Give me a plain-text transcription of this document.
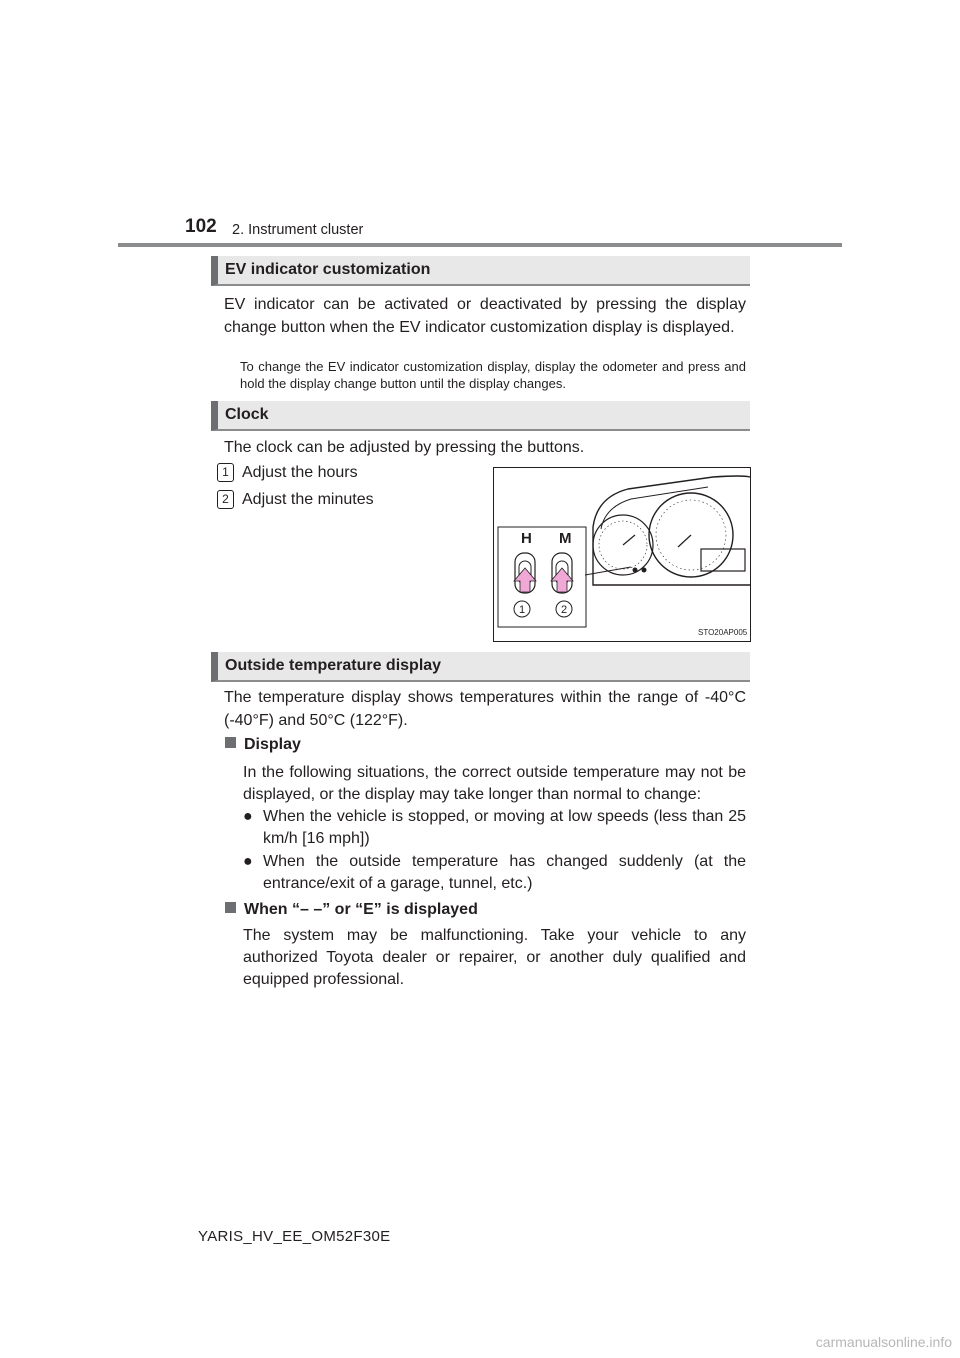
102 2. Instrument cluster
EV indicator customization
EV indicator can be activated or deactivated by pressing the display change button when the EV indicator customization display is displayed.
To change the EV indicator customization display, display the odometer and press and hold the display change button until the display changes.
Clock
The clock can be adjusted by pressing the buttons.
1 Adjust the hours
2 Adjust the minutes
H M
1	2
STO20AP005
Outside temperature display
The temperature display shows temperatures within the range of -40°C (-40°F) and 50°C (122°F).
Display
In the following situations, the correct outside temperature may not be displayed, or the display may take longer than normal to change:
● When the vehicle is stopped, or moving at low speeds (less than 25 km/h [16 mph])
● When the outside temperature has changed suddenly (at the entrance/exit of a garage, tunnel, etc.)
When “– –” or “E” is displayed
The system may be malfunctioning. Take your vehicle to any authorized Toyota dealer or repairer, or another duly qualified and equipped professional.
YARIS_HV_EE_OM52F30E
carmanualsonline.info
